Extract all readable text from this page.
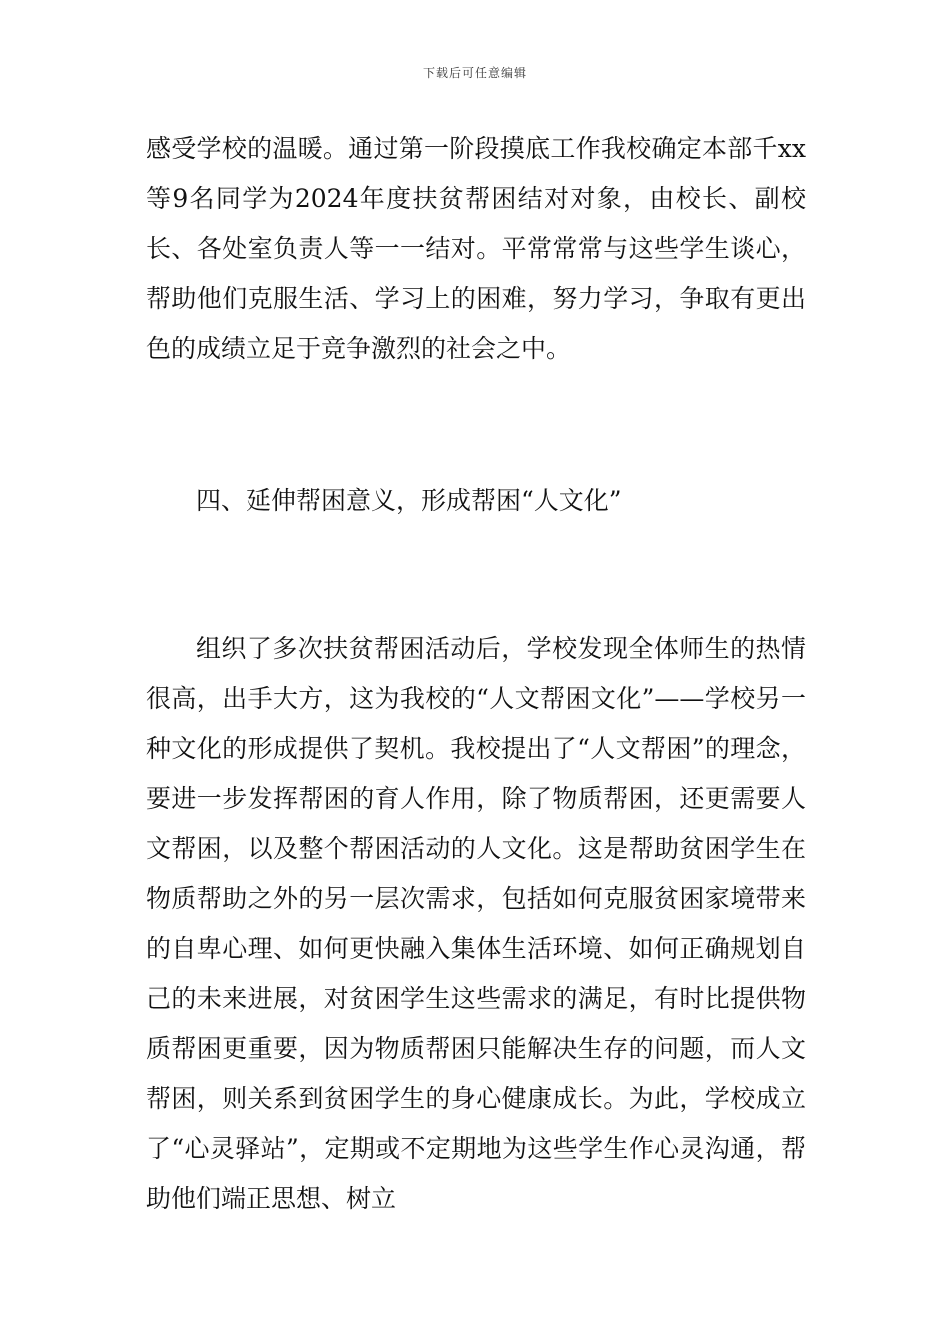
下载后可任意编辑

感受学校的温暖。通过第一阶段摸底工作我校确定本部千xx等9名同学为2024年度扶贫帮困结对对象，由校长、副校长、各处室负责人等一一结对。平常常常与这些学生谈心，帮助他们克服生活、学习上的困难，努力学习，争取有更出色的成绩立足于竞争激烈的社会之中。

四、延伸帮困意义，形成帮困“人文化”

组织了多次扶贫帮困活动后，学校发现全体师生的热情很高，出手大方，这为我校的“人文帮困文化”——学校另一种文化的形成提供了契机。我校提出了“人文帮困”的理念，要进一步发挥帮困的育人作用，除了物质帮困，还更需要人文帮困，以及整个帮困活动的人文化。这是帮助贫困学生在物质帮助之外的另一层次需求，包括如何克服贫困家境带来的自卑心理、如何更快融入集体生活环境、如何正确规划自己的未来进展，对贫困学生这些需求的满足，有时比提供物质帮困更重要，因为物质帮困只能解决生存的问题，而人文帮困，则关系到贫困学生的身心健康成长。为此，学校成立了“心灵驿站”，定期或不定期地为这些学生作心灵沟通，帮助他们端正思想、树立
